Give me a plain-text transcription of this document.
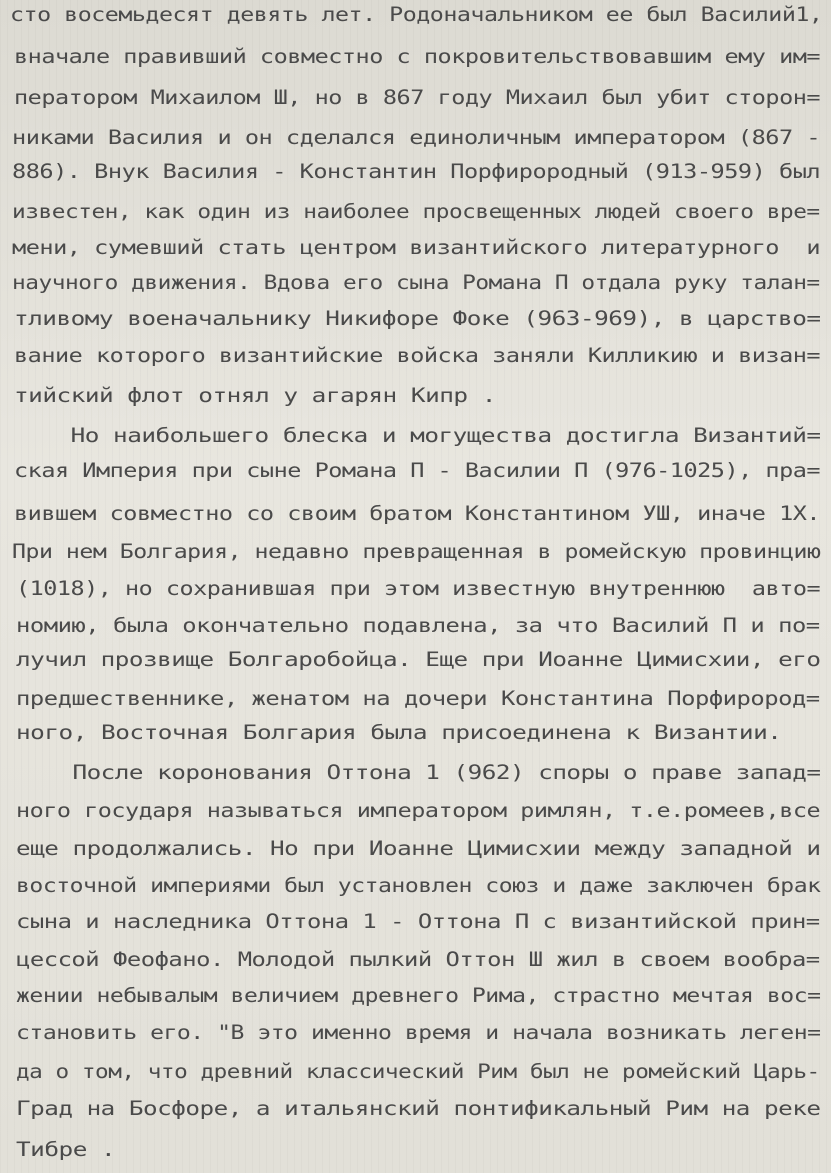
сто восемьдесят девять лет. Родоначальником ее был Василий1,
вначале правивший совместно с покровительствовавшим ему им=
ператором Михаилом Ш, но в 867 году Михаил был убит сторон=
никами Василия и он сделался единоличным императором (867 -
886). Внук Василия - Константин Порфирородный (913-959) был
известен, как один из наиболее просвещенных людей своего вре=
мени, сумевший стать центром византийского литературного  и
научного движения. Вдова его сына Романа П отдала руку талан=
тливому военачальнику Никифоре Фоке (963-969), в царство=
вание которого византийские войска заняли Килликию и визан=
тийский флот отнял у агарян Кипр .
Но наибольшего блеска и могущества достигла Византий=
ская Империя при сыне Романа П - Василии П (976-1025), пра=
вившем совместно со своим братом Константином УШ, иначе 1Х.
При нем Болгария, недавно превращенная в ромейскую провинцию
(1018), но сохранившая при этом известную внутреннюю  авто=
номию, была окончательно подавлена, за что Василий П и по=
лучил прозвище Болгаробойца. Еще при Иоанне Цимисхии, его
предшественнике, женатом на дочери Константина Порфирород=
ного, Восточная Болгария была присоединена к Византии.
После коронования Оттона 1 (962) споры о праве запад=
ного государя называться императором римлян, т.е.ромеев,все
еще продолжались. Но при Иоанне Цимисхии между западной и
восточной империями был установлен союз и даже заключен брак
сына и наследника Оттона 1 - Оттона П с византийской прин=
цессой Феофано. Молодой пылкий Оттон Ш жил в своем вообра=
жении небывалым величием древнего Рима, страстно мечтая вос=
становить его. "В это именно время и начала возникать леген=
да о том, что древний классический Рим был не ромейский Царь-
Град на Босфоре, а итальянский понтификальный Рим на реке
Тибре .
